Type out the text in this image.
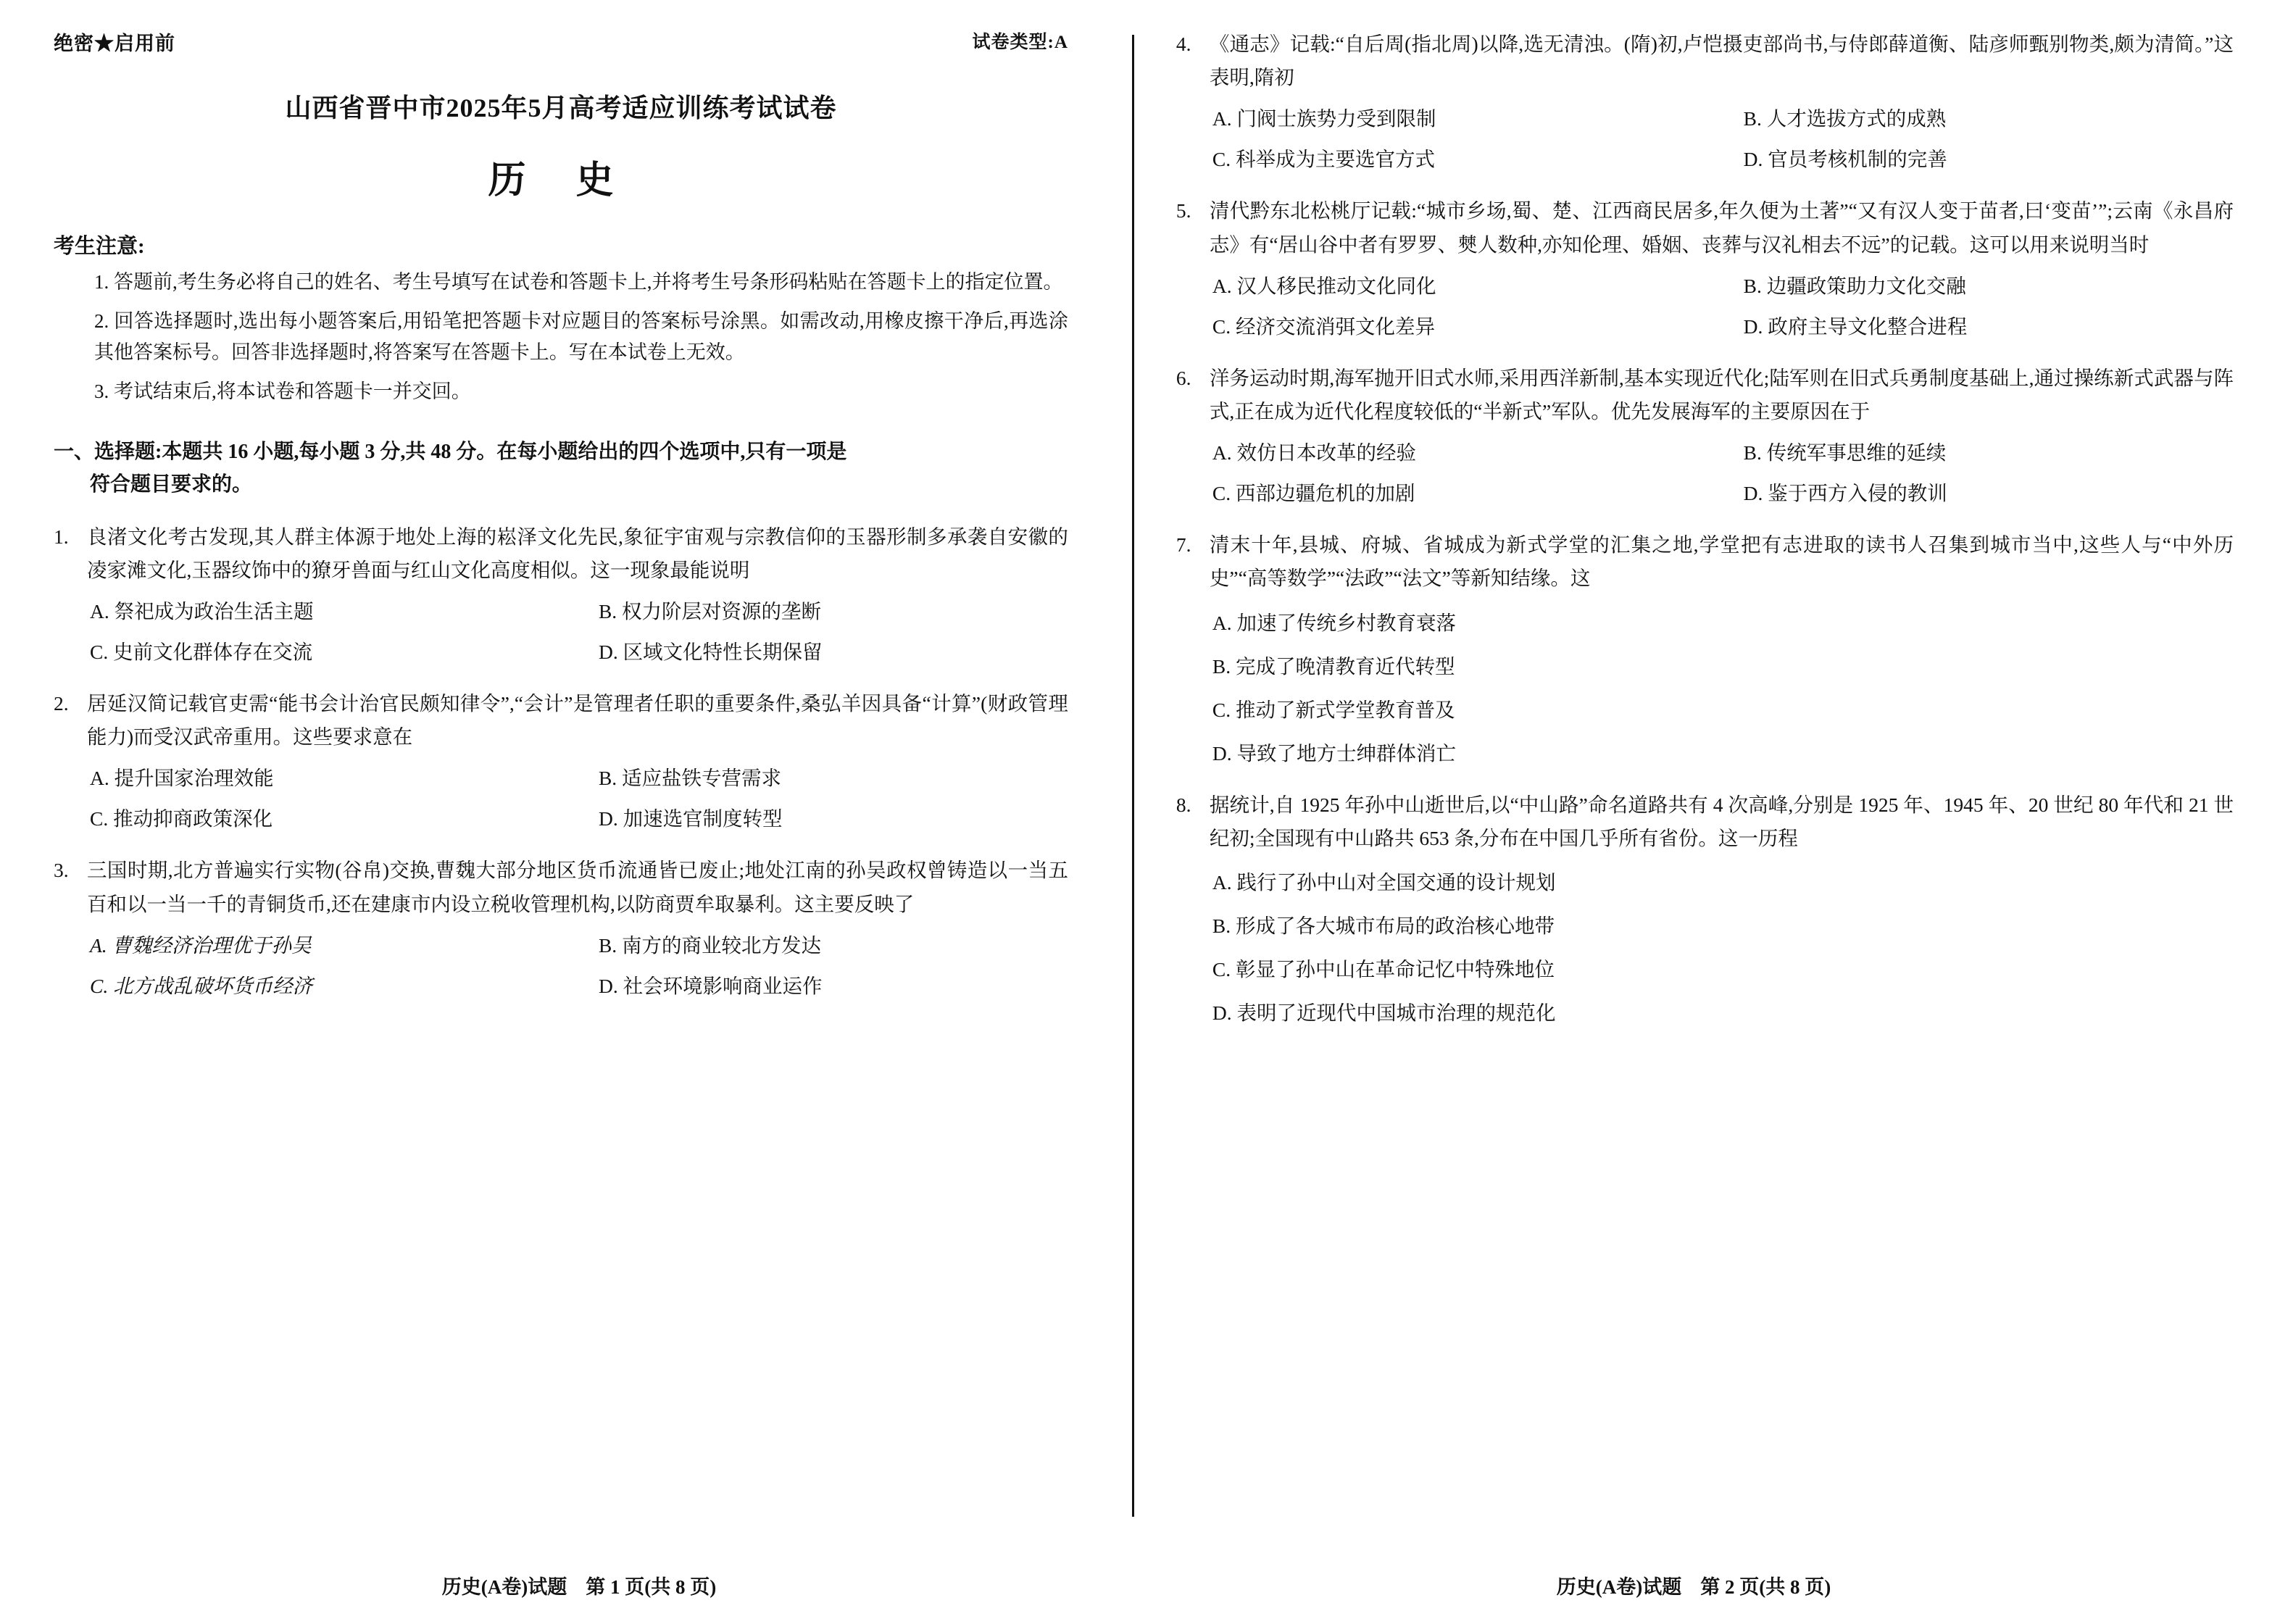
绝密★启用前	试卷类型:A
山西省晋中市2025年5月高考适应训练考试试卷
历 史
考生注意:
1. 答题前,考生务必将自己的姓名、考生号填写在试卷和答题卡上,并将考生号条形码粘贴在答题卡上的指定位置。
2. 回答选择题时,选出每小题答案后,用铅笔把答题卡对应题目的答案标号涂黑。如需改动,用橡皮擦干净后,再选涂其他答案标号。回答非选择题时,将答案写在答题卡上。写在本试卷上无效。
3. 考试结束后,将本试卷和答题卡一并交回。
一、选择题:本题共 16 小题,每小题 3 分,共 48 分。在每小题给出的四个选项中,只有一项是
符合题目要求的。
1. 良渚文化考古发现,其人群主体源于地处上海的崧泽文化先民,象征宇宙观与宗教信仰的玉器形制多承袭自安徽的凌家滩文化,玉器纹饰中的獠牙兽面与红山文化高度相似。这一现象最能说明
A. 祭祀成为政治生活主题	B. 权力阶层对资源的垄断
C. 史前文化群体存在交流	D. 区域文化特性长期保留
2. 居延汉简记载官吏需“能书会计治官民颇知律令”,“会计”是管理者任职的重要条件,桑弘羊因具备“计算”(财政管理能力)而受汉武帝重用。这些要求意在
A. 提升国家治理效能	B. 适应盐铁专营需求
C. 推动抑商政策深化	D. 加速选官制度转型
3. 三国时期,北方普遍实行实物(谷帛)交换,曹魏大部分地区货币流通皆已废止;地处江南的孙吴政权曾铸造以一当五百和以一当一千的青铜货币,还在建康市内设立税收管理机构,以防商贾牟取暴利。这主要反映了
A. 曹魏经济治理优于孙吴	B. 南方的商业较北方发达
C. 北方战乱破坏货币经济	D. 社会环境影响商业运作
历史(A卷)试题 第 1 页(共 8 页)
4. 《通志》记载:“自后周(指北周)以降,选无清浊。(隋)初,卢恺摄吏部尚书,与侍郎薛道衡、陆彦师甄别物类,颇为清简。”这表明,隋初
A. 门阀士族势力受到限制	B. 人才选拔方式的成熟
C. 科举成为主要选官方式	D. 官员考核机制的完善
5. 清代黔东北松桃厅记载:“城市乡场,蜀、楚、江西商民居多,年久便为土著”“又有汉人变于苗者,曰‘变苗’”;云南《永昌府志》有“居山谷中者有罗罗、僰人数种,亦知伦理、婚姻、丧葬与汉礼相去不远”的记载。这可以用来说明当时
A. 汉人移民推动文化同化	B. 边疆政策助力文化交融
C. 经济交流消弭文化差异	D. 政府主导文化整合进程
6. 洋务运动时期,海军抛开旧式水师,采用西洋新制,基本实现近代化;陆军则在旧式兵勇制度基础上,通过操练新式武器与阵式,正在成为近代化程度较低的“半新式”军队。优先发展海军的主要原因在于
A. 效仿日本改革的经验	B. 传统军事思维的延续
C. 西部边疆危机的加剧	D. 鉴于西方入侵的教训
7. 清末十年,县城、府城、省城成为新式学堂的汇集之地,学堂把有志进取的读书人召集到城市当中,这些人与“中外历史”“高等数学”“法政”“法文”等新知结缘。这
A. 加速了传统乡村教育衰落
B. 完成了晚清教育近代转型
C. 推动了新式学堂教育普及
D. 导致了地方士绅群体消亡
8. 据统计,自 1925 年孙中山逝世后,以“中山路”命名道路共有 4 次高峰,分别是 1925 年、1945 年、20 世纪 80 年代和 21 世纪初;全国现有中山路共 653 条,分布在中国几乎所有省份。这一历程
A. 践行了孙中山对全国交通的设计规划
B. 形成了各大城市布局的政治核心地带
C. 彰显了孙中山在革命记忆中特殊地位
D. 表明了近现代中国城市治理的规范化
历史(A卷)试题 第 2 页(共 8 页)
